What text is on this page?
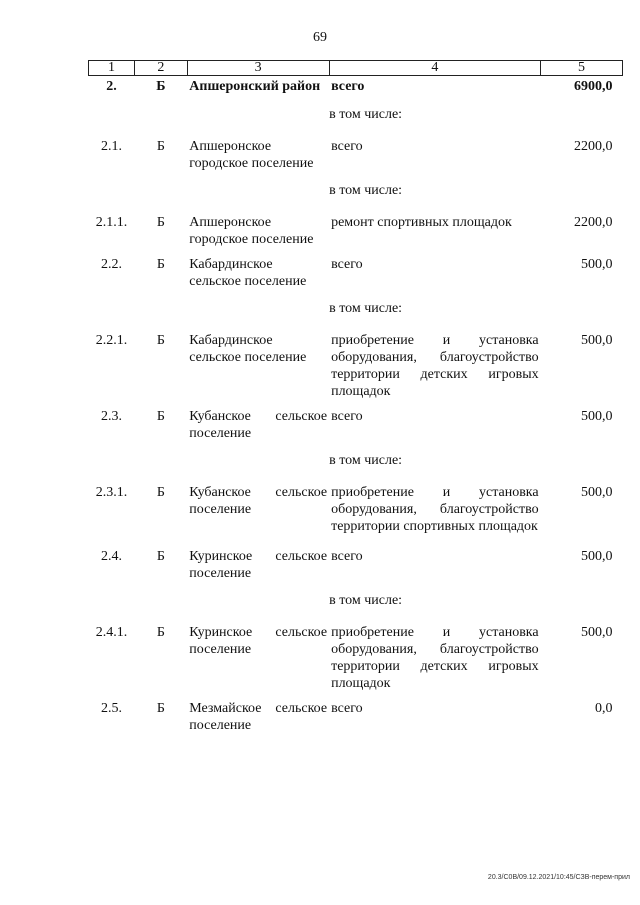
69
1	2	3	4	5
2.	Б	Апшеронский район	всего	6900,0
			в том числе:	
2.1.	Б	Апшеронское городское поселение	всего	2200,0
			в том числе:	
2.1.1.	Б	Апшеронское городское поселение	ремонт спортивных площадок	2200,0
2.2.	Б	Кабардинское сельское поселение	всего	500,0
			в том числе:	
2.2.1.	Б	Кабардинское сельское поселение	приобретение и установка оборудования, благоустройство территории детских игровых площадок	500,0
2.3.	Б	Кубанское сельское поселение	всего	500,0
			в том числе:	
2.3.1.	Б	Кубанское сельское поселение	приобретение и установка оборудования, благоустройство территории спортивных площадок	500,0
2.4.	Б	Куринское сельское поселение	всего	500,0
			в том числе:	
2.4.1.	Б	Куринское сельское поселение	приобретение и установка оборудования, благоустройство территории детских игровых площадок	500,0
2.5.	Б	Мезмайское сельское поселение	всего	0,0
20.3/С0В/09.12.2021/10:45/СЗВ-перем-прил
